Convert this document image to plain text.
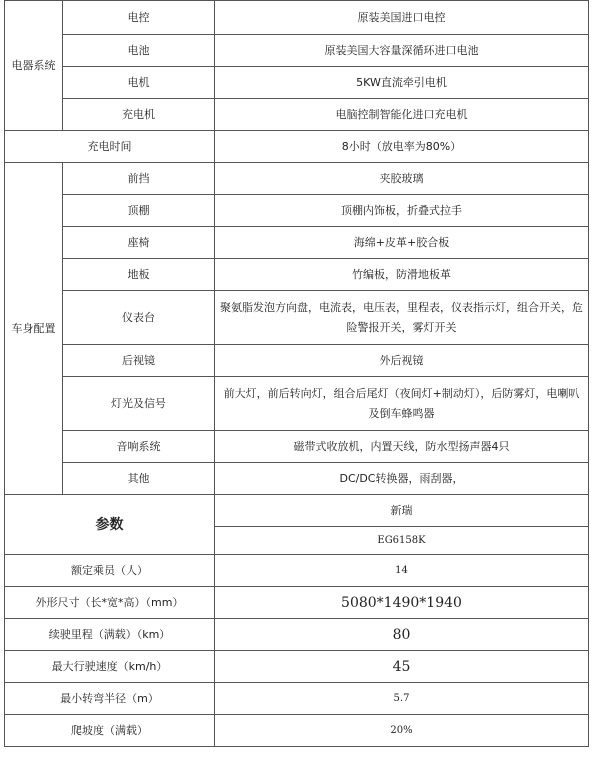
电器系统	电控	原装美国进口电控
	电池	原装美国大容量深循环进口电池
	电机	5KW直流牵引电机
	充电机	电脑控制智能化进口充电机
充电时间		8小时（放电率为80%）
车身配置	前挡	夹胶玻璃
	顶棚	顶棚内饰板，折叠式拉手
	座椅	海绵+皮革+胶合板
	地板	竹编板，防滑地板革
	仪表台	聚氨脂发泡方向盘，电流表，电压表，里程表，仪表指示灯，组合开关，危险警报开关，雾灯开关
	后视镜	外后视镜
	灯光及信号	前大灯，前后转向灯，组合后尾灯（夜间灯+制动灯），后防雾灯，电喇叭及倒车蜂鸣器
	音响系统	磁带式收放机，内置天线，防水型扬声器4只
	其他	DC/DC转换器，雨刮器，
参数		新瑞
		EG6158K
额定乘员（人）		14
外形尺寸（长*宽*高）（mm）		5080*1490*1940
续驶里程（满载）（km）		80
最大行驶速度（km/h）		45
最小转弯半径（m）		5.7
爬坡度（满载）		20%
